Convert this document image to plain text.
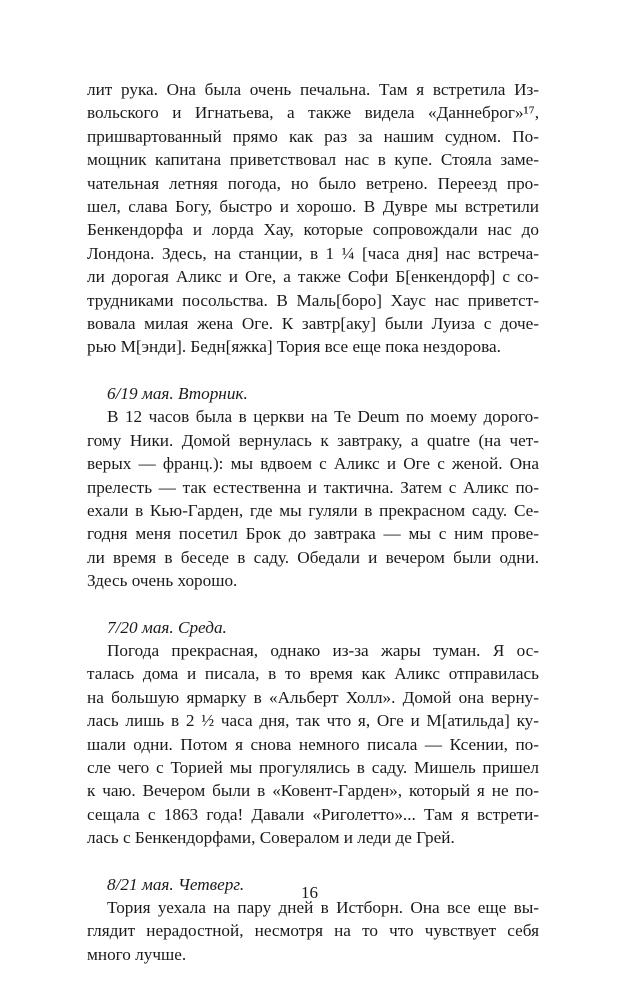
лит рука. Она была очень печальна. Там я встретила Из-
вольского и Игнатьева, а также видела «Даннеброг»¹⁷,
пришвартованный прямо как раз за нашим судном. По-
мощник капитана приветствовал нас в купе. Стояла заме-
чательная летняя погода, но было ветрено. Переезд про-
шел, слава Богу, быстро и хорошо. В Дувре мы встретили
Бенкендорфа и лорда Хау, которые сопровождали нас до
Лондона. Здесь, на станции, в 1 ¼ [часа дня] нас встреча-
ли дорогая Аликс и Оге, а также Софи Б[енкендорф] с со-
трудниками посольства. В Маль[боро] Хаус нас приветст-
вовала милая жена Оге. К завтр[аку] были Луиза с доче-
рью М[энди]. Бедн[яжка] Тория все еще пока нездорова.
6/19 мая. Вторник.
В 12 часов была в церкви на Te Deum по моему дорого-
гому Ники. Домой вернулась к завтраку, а quatre (на чет-
верых — франц.): мы вдвоем с Аликс и Оге с женой. Она
прелесть — так естественна и тактична. Затем с Аликс по-
ехали в Кью-Гарден, где мы гуляли в прекрасном саду. Се-
годня меня посетил Брок до завтрака — мы с ним прове-
ли время в беседе в саду. Обедали и вечером были одни.
Здесь очень хорошо.
7/20 мая. Среда.
Погода прекрасная, однако из-за жары туман. Я ос-
талась дома и писала, в то время как Аликс отправилась
на большую ярмарку в «Альберт Холл». Домой она верну-
лась лишь в 2 ½ часа дня, так что я, Оге и М[атильда] ку-
шали одни. Потом я снова немного писала — Ксении, по-
сле чего с Торией мы прогулялись в саду. Мишель пришел
к чаю. Вечером были в «Ковент-Гарден», который я не по-
сещала с 1863 года! Давали «Риголетто»... Там я встрети-
лась с Бенкендорфами, Совералом и леди де Грей.
8/21 мая. Четверг.
Тория уехала на пару дней в Истборн. Она все еще вы-
глядит нерадостной, несмотря на то что чувствует себя
много лучше.
16
